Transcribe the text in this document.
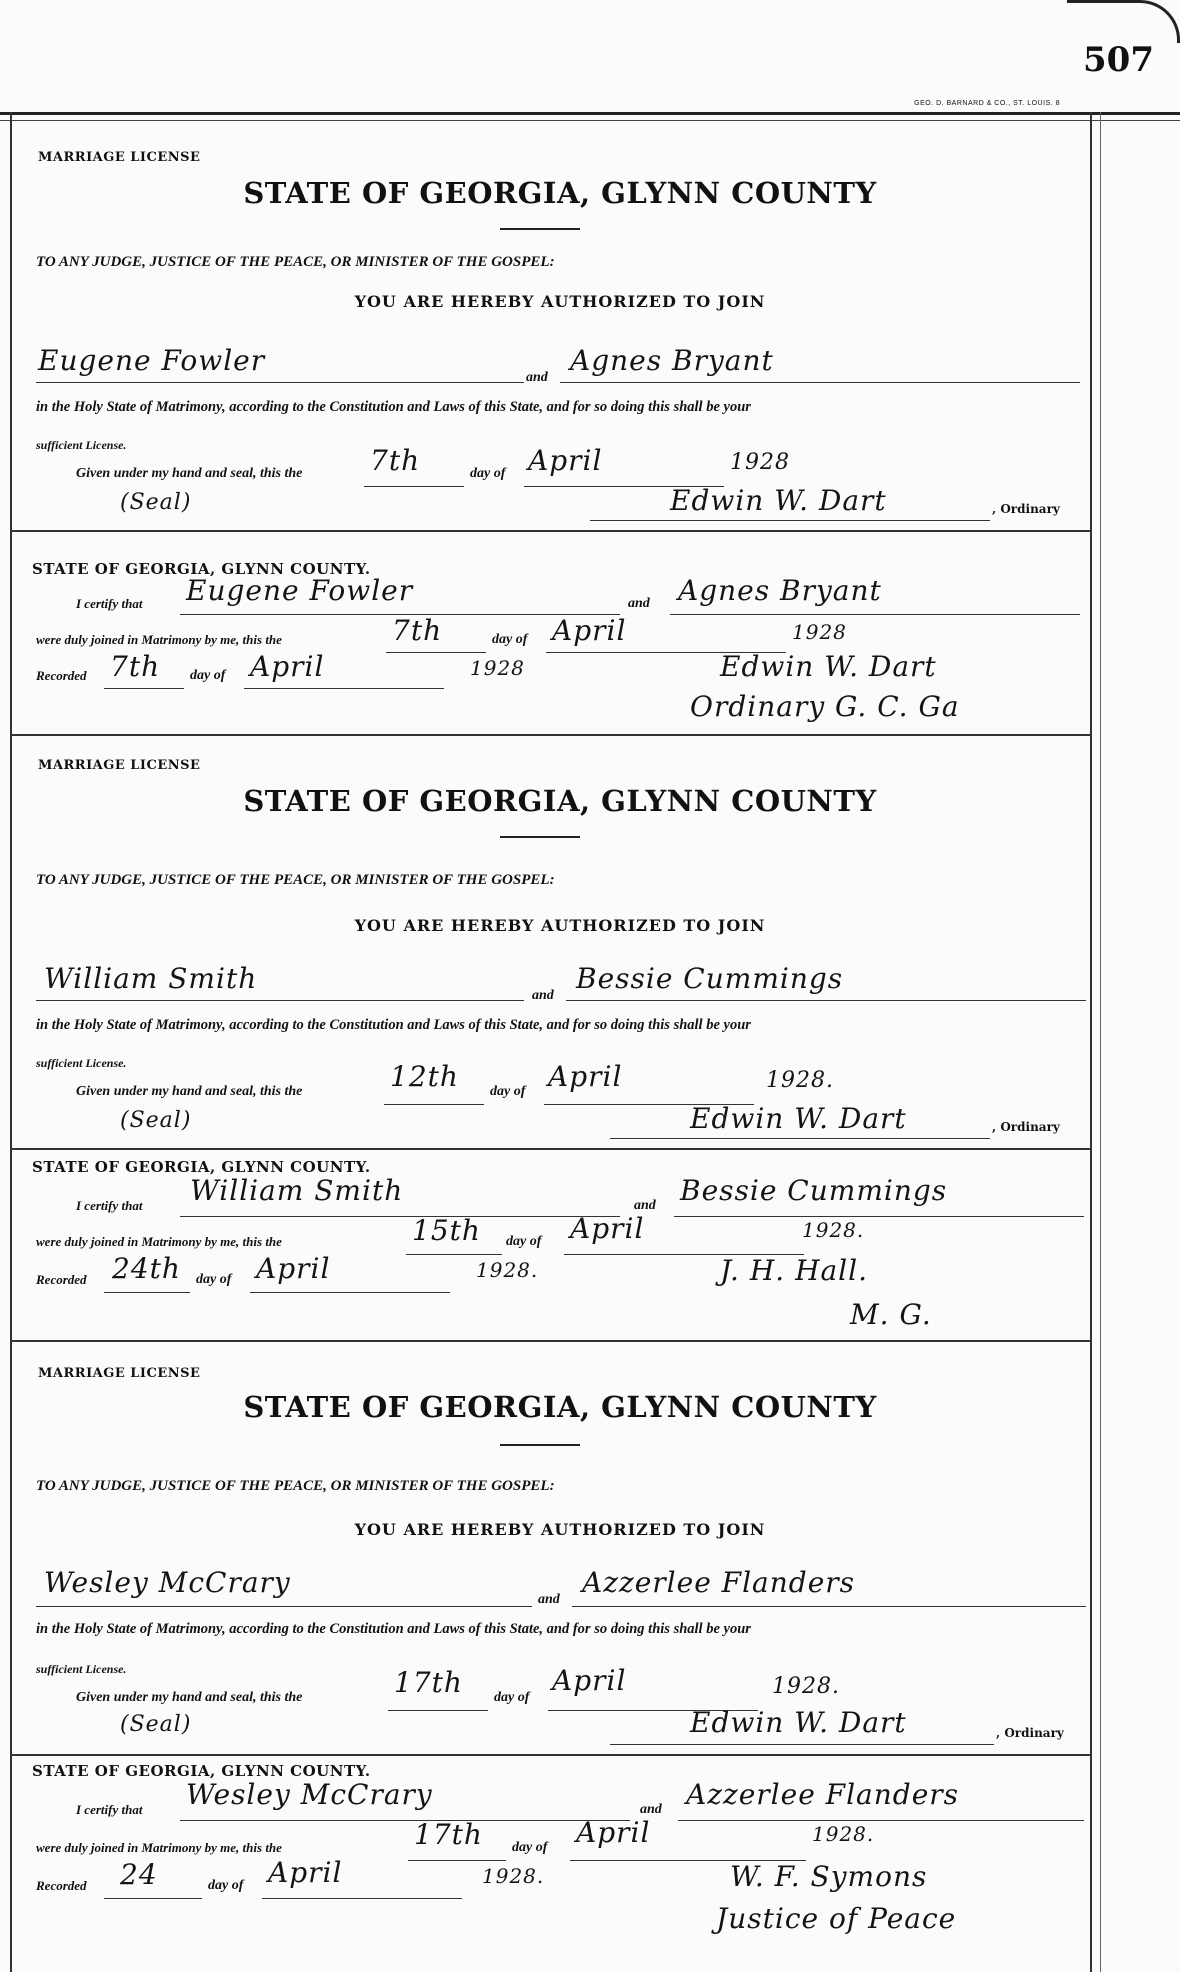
507
GEO. D. BARNARD & CO., ST. LOUIS. 8
MARRIAGE LICENSE
STATE OF GEORGIA, GLYNN COUNTY
TO ANY JUDGE, JUSTICE OF THE PEACE, OR MINISTER OF THE GOSPEL:
YOU ARE HEREBY AUTHORIZED TO JOIN
Eugene Fowler
and
Agnes Bryant
in the Holy State of Matrimony, according to the Constitution and Laws of this State, and for so doing this shall be your
sufficient License.
Given under my hand and seal, this the 7th	day of April	1928
(Seal)	Edwin W. Dart	, Ordinary
STATE OF GEORGIA, GLYNN COUNTY.
I certify that Eugene Fowler	and Agnes Bryant
were duly joined in Matrimony by me, this the	7th	day of April	1928
Recorded 7th day of April	1928	Edwin W. Dart
Ordinary G. C. Ga
MARRIAGE LICENSE
STATE OF GEORGIA, GLYNN COUNTY
TO ANY JUDGE, JUSTICE OF THE PEACE, OR MINISTER OF THE GOSPEL:
YOU ARE HEREBY AUTHORIZED TO JOIN
William Smith
and
Bessie Cummings
in the Holy State of Matrimony, according to the Constitution and Laws of this State, and for so doing this shall be your
sufficient License.
Given under my hand and seal, this the	12th day of April	1928.
(Seal)	Edwin W. Dart	, Ordinary
STATE OF GEORGIA, GLYNN COUNTY.
I certify that William Smith	and Bessie Cummings
were duly joined in Matrimony by me, this the	15th day of April	1928.
Recorded 24th day of April	1928.	J. H. Hall.
M. G.
MARRIAGE LICENSE
STATE OF GEORGIA, GLYNN COUNTY
TO ANY JUDGE, JUSTICE OF THE PEACE, OR MINISTER OF THE GOSPEL:
YOU ARE HEREBY AUTHORIZED TO JOIN
Wesley McCrary
and
Azzerlee Flanders
in the Holy State of Matrimony, according to the Constitution and Laws of this State, and for so doing this shall be your
sufficient License.
Given under my hand and seal, this the	17th day of
April	1928.
(Seal)	Edwin W. Dart	, Ordinary
STATE OF GEORGIA, GLYNN COUNTY.
I certify that Wesley McCrary	and Azzerlee Flanders
were duly joined in Matrimony by me, this the	17th day of April	1928.
Recorded 24	day of April	1928.	W. F. Symons
Justice of Peace
